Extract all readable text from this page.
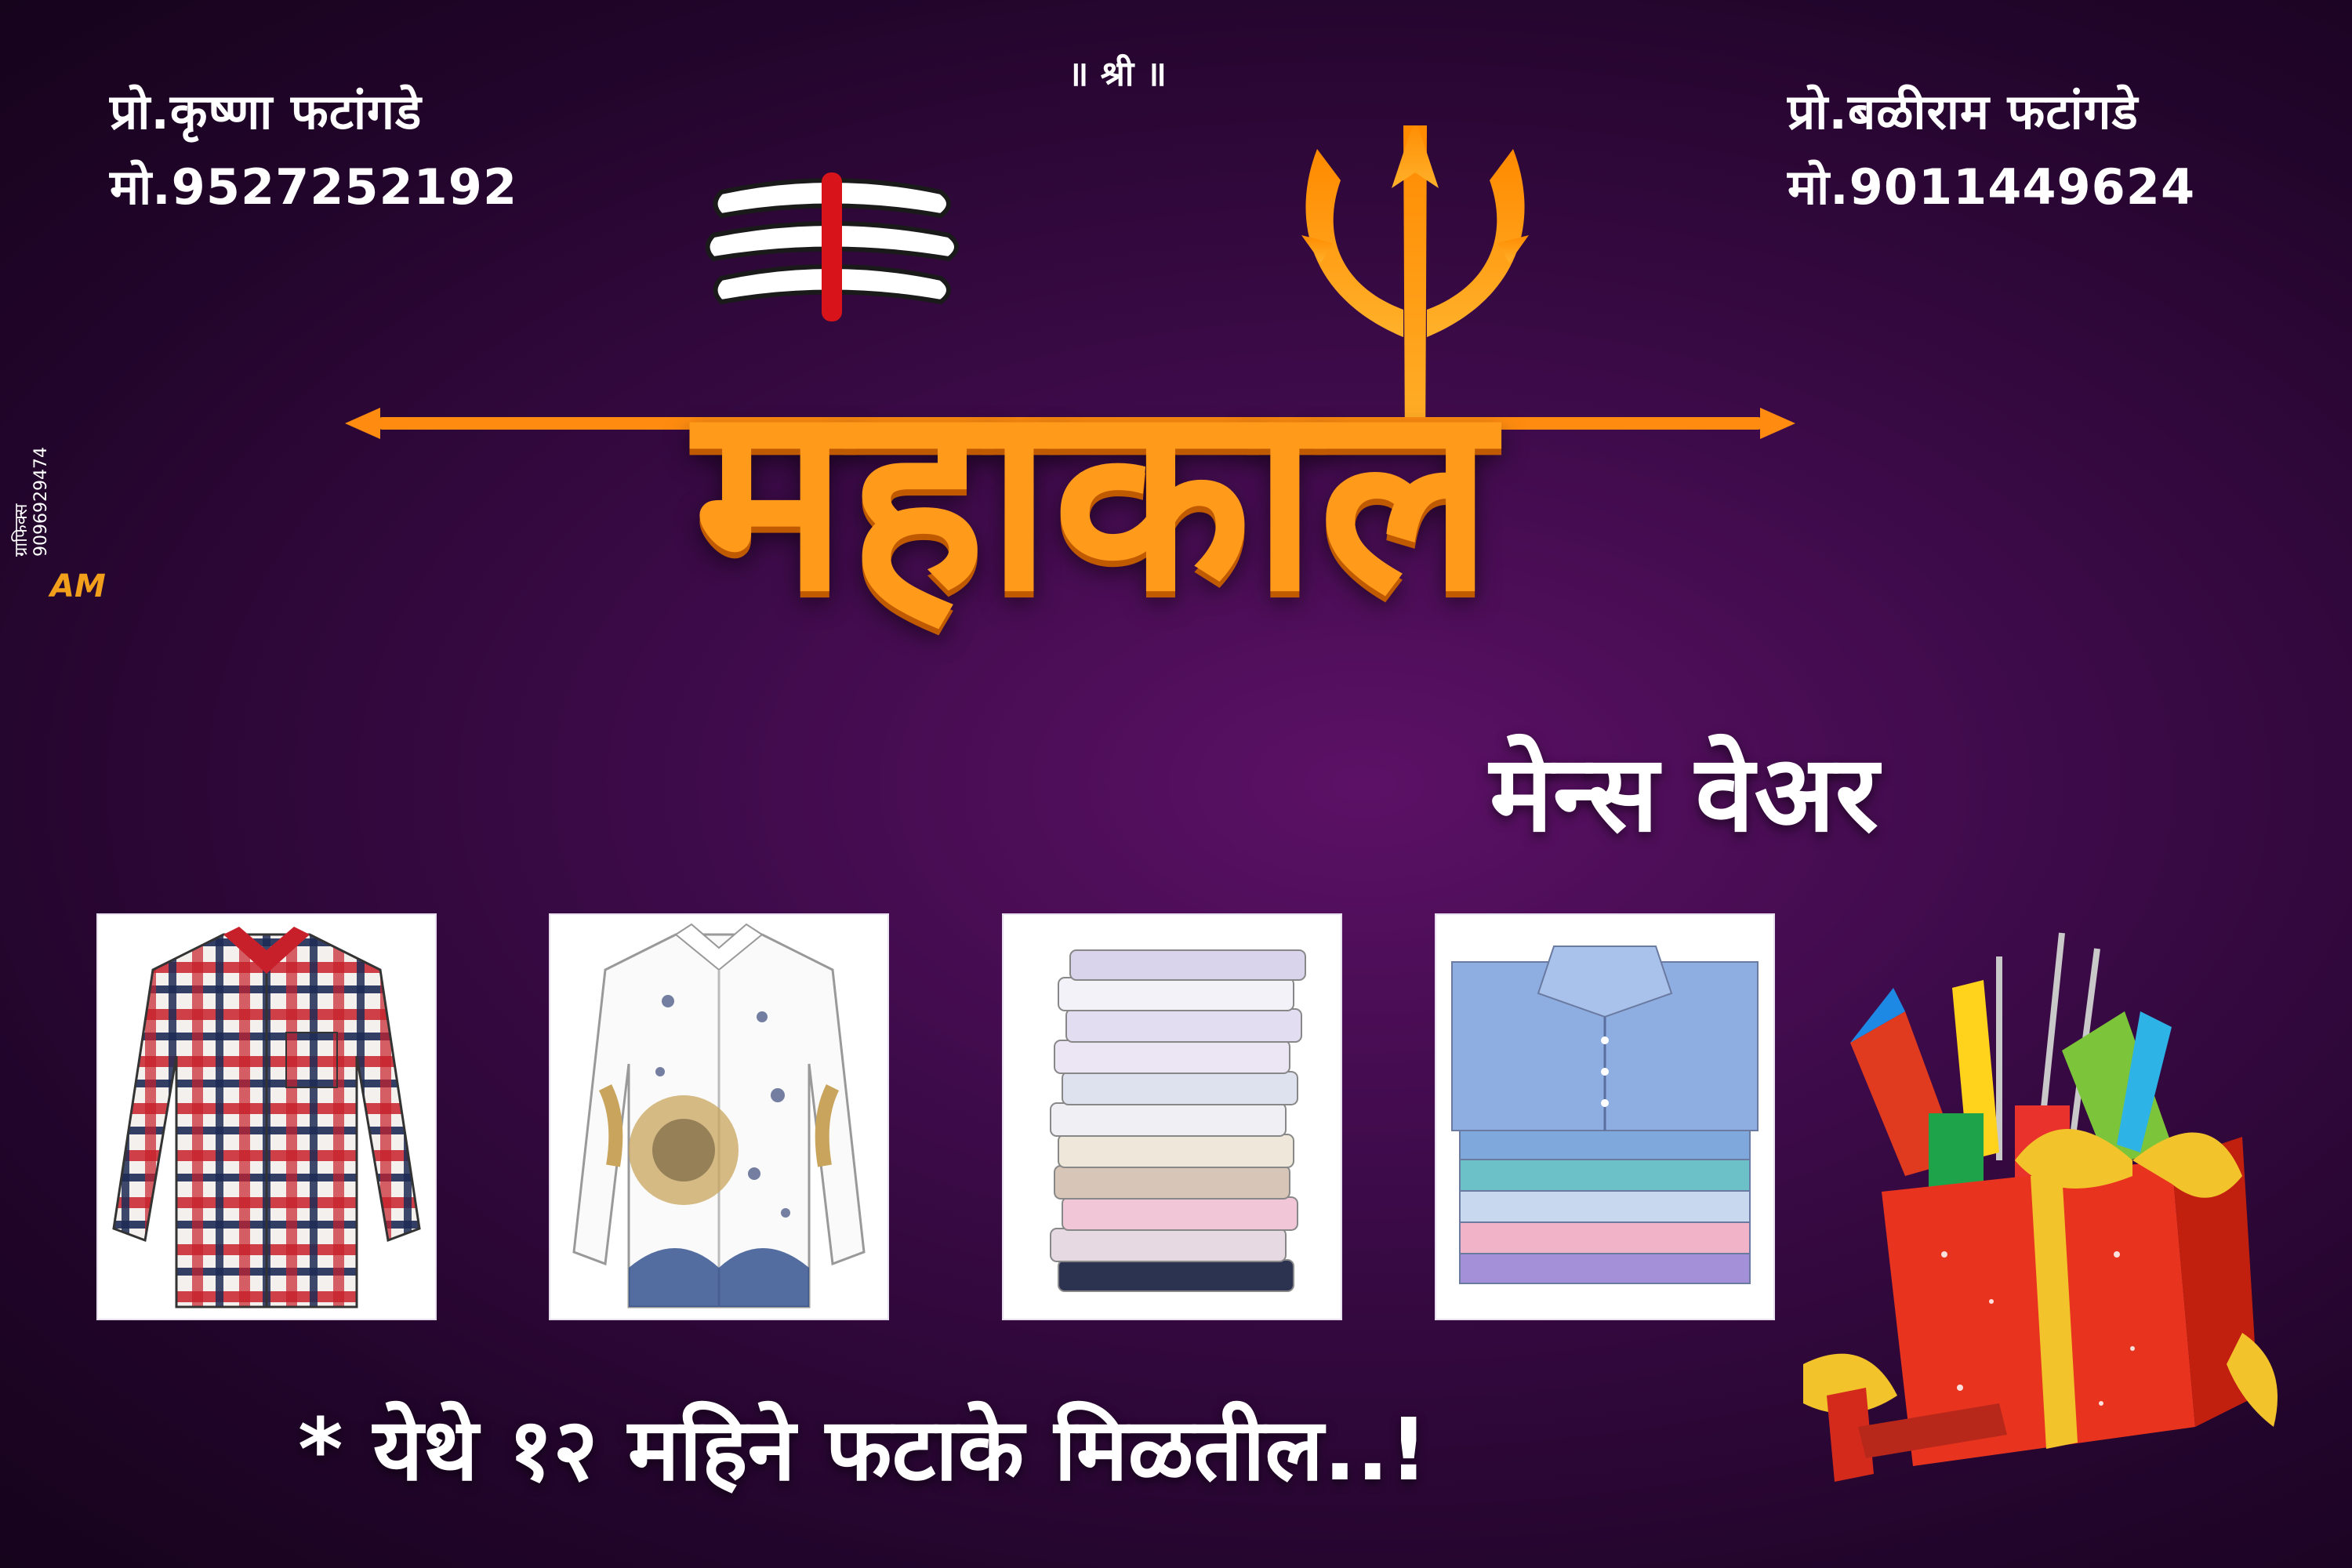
॥ श्री ॥
प्रो.कृष्णा फटांगडे
मो.9527252192
प्रो.बळीराम फटांगडे
मो.9011449624
महाकाल
मेन्स वेअर
ग्राफिक्स
9096929474
AM
* येथे १२ महिने फटाके मिळतील..!
